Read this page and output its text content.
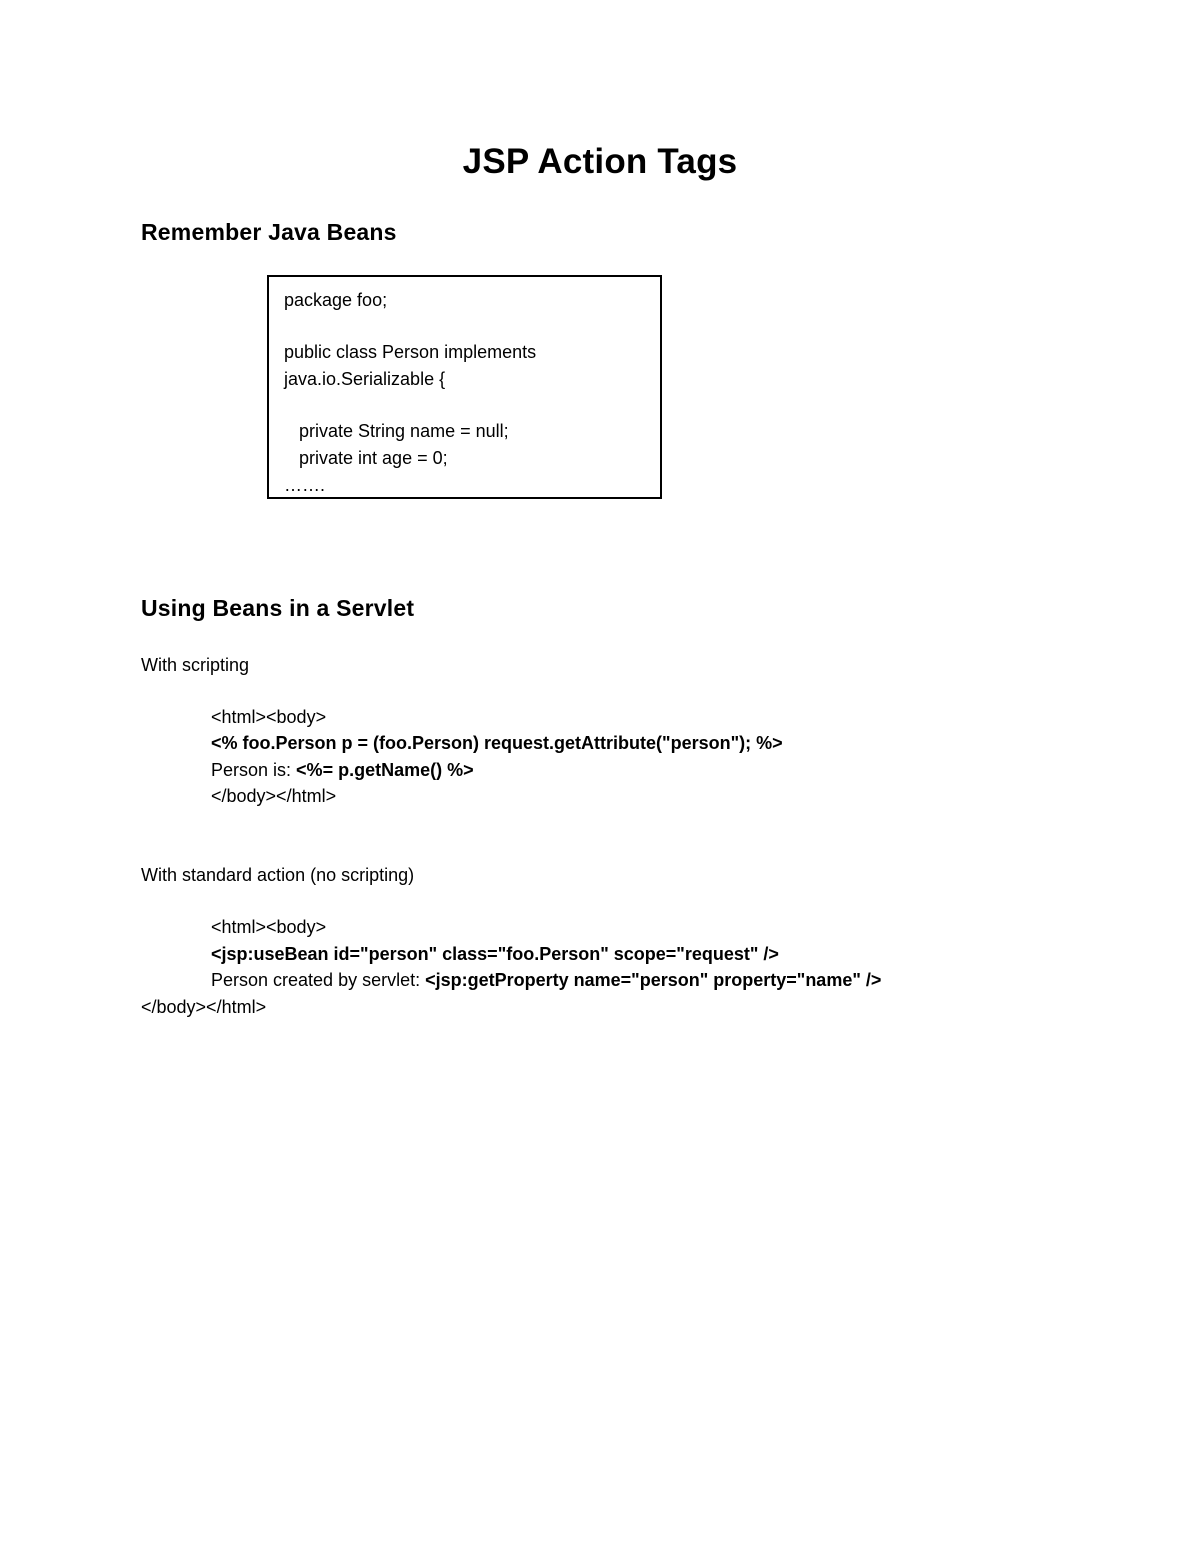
JSP Action Tags
Remember Java Beans
package foo;
public class Person implements
java.io.Serializable {
private String name = null;
private int age = 0;
…….
Using Beans in a Servlet
With scripting
<html><body>
<% foo.Person p = (foo.Person) request.getAttribute("person"); %>
Person is: <%= p.getName() %>
</body></html>
With standard action (no scripting)
<html><body>
<jsp:useBean id="person" class="foo.Person" scope="request" />
Person created by servlet: <jsp:getProperty name="person" property="name" />
</body></html>
